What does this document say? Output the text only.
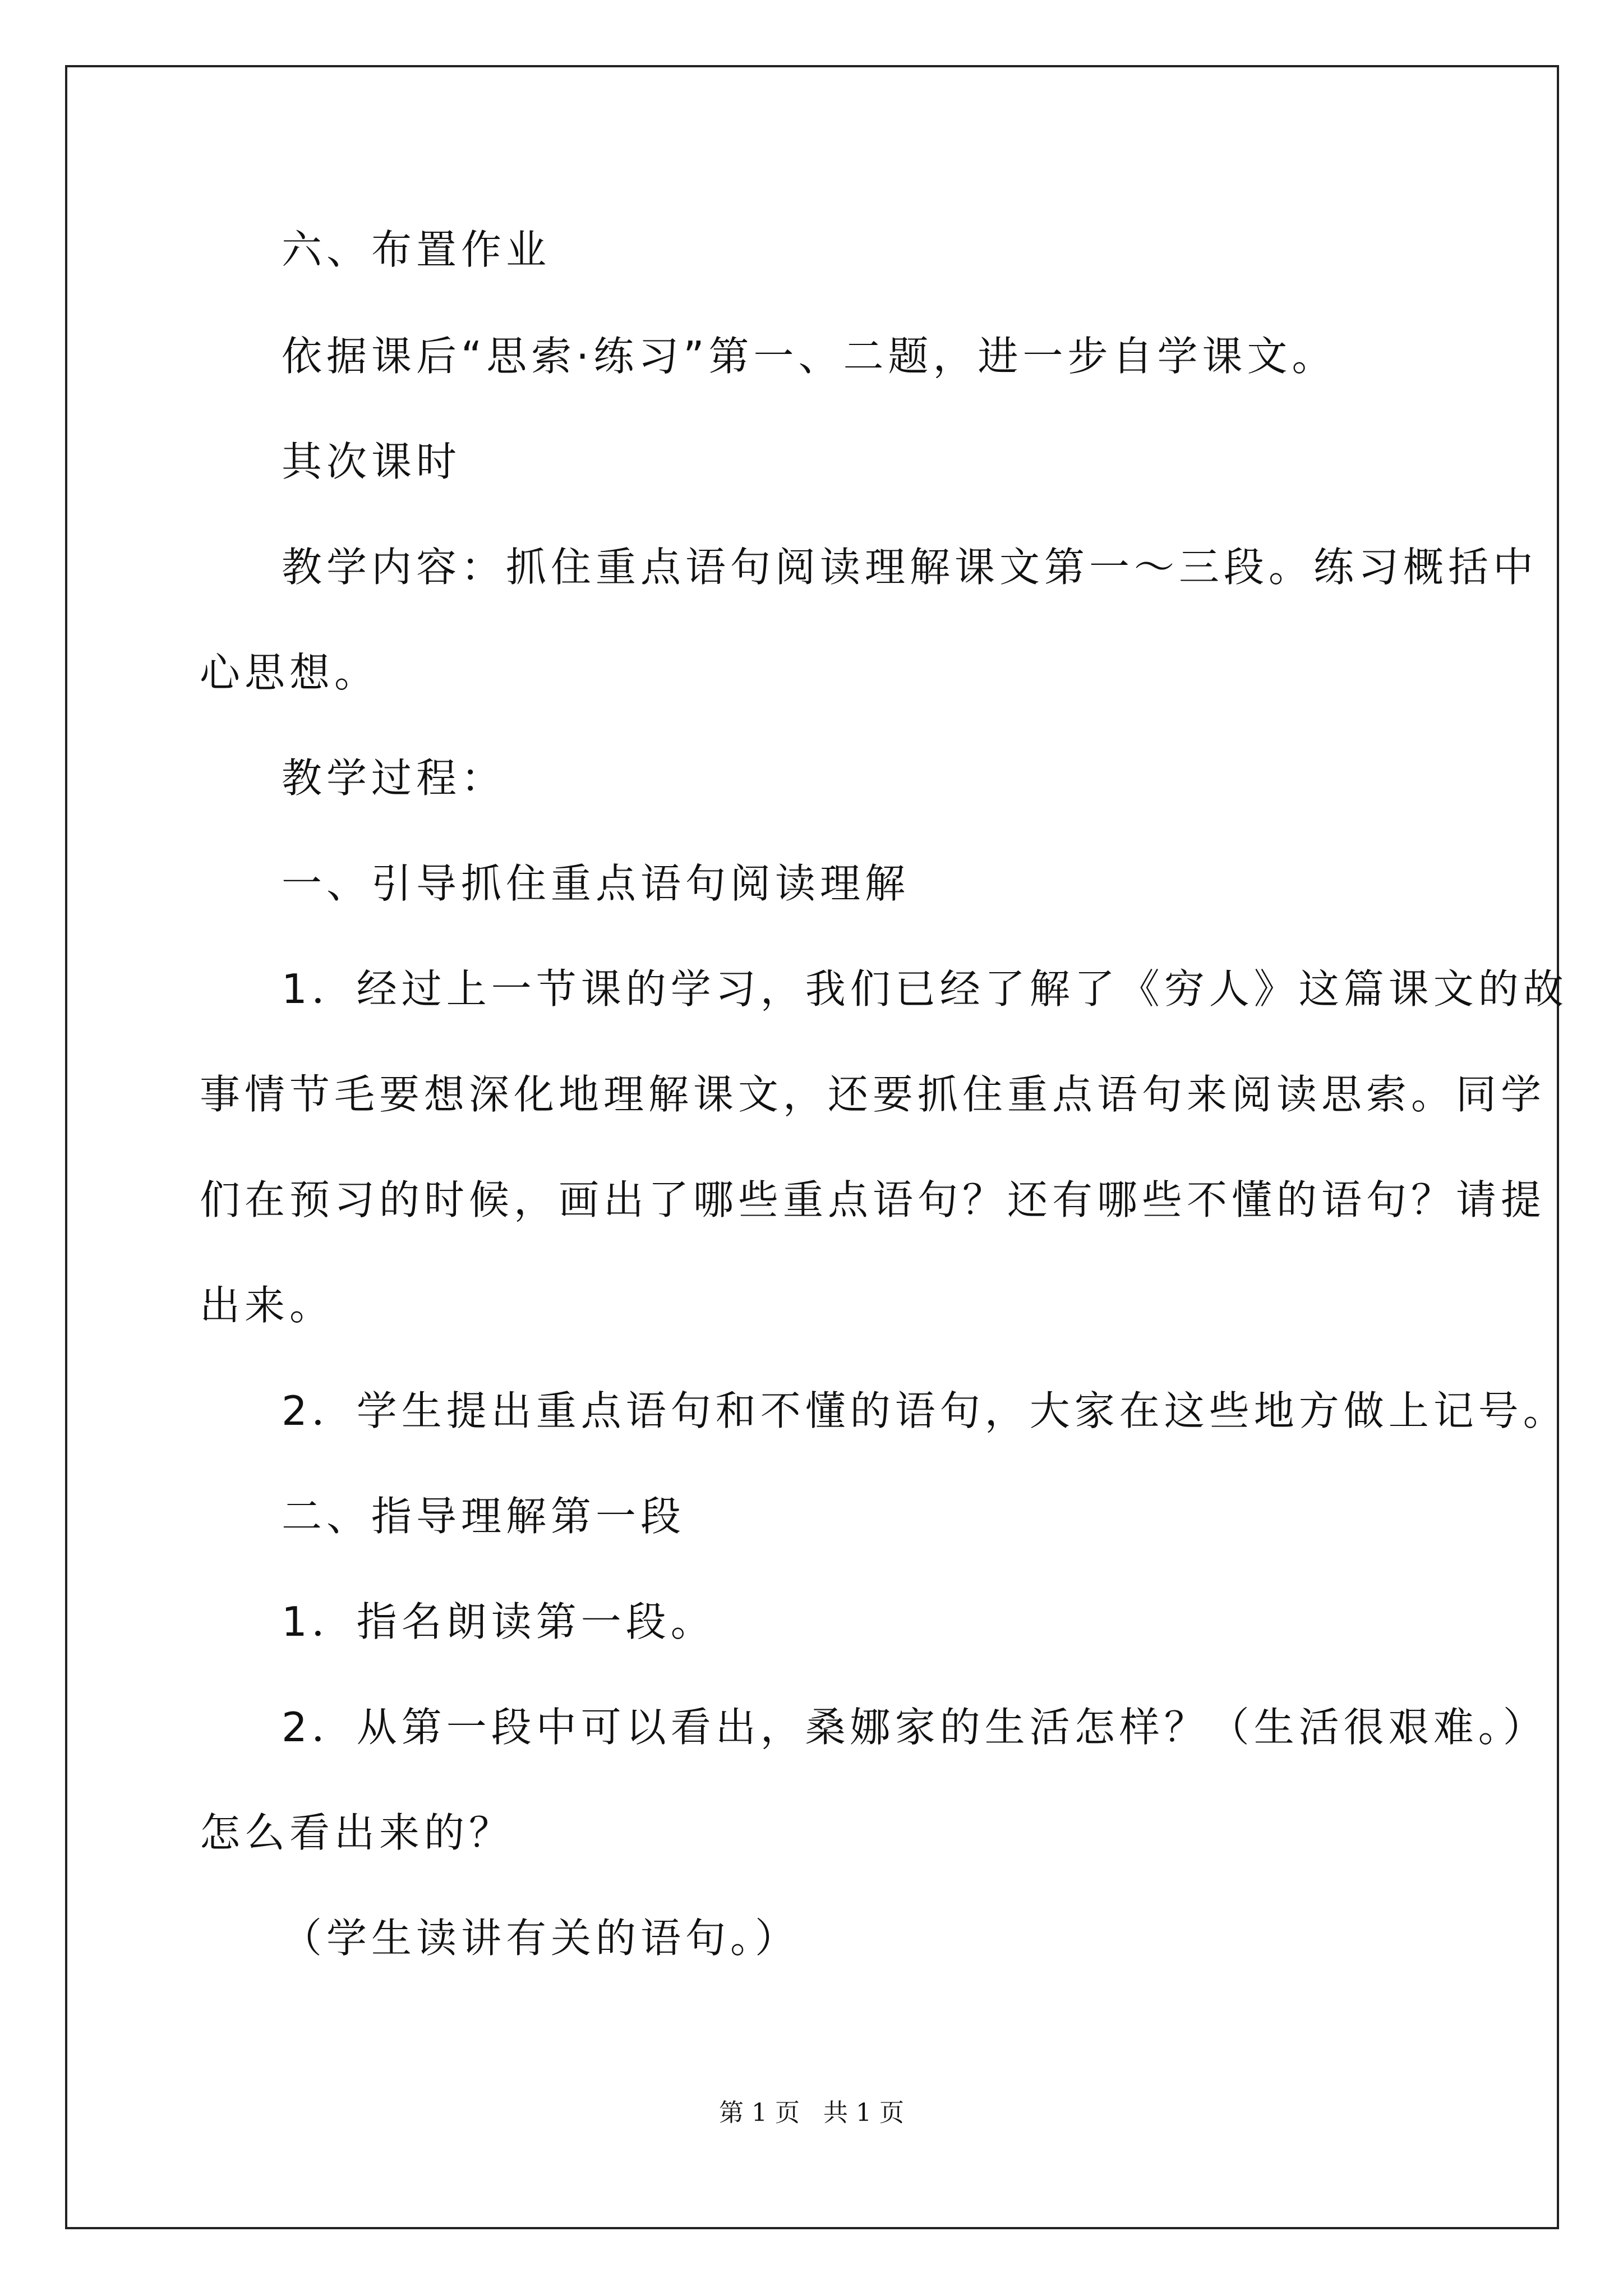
六、布置作业
依据课后“思索·练习”第一、二题，进一步自学课文。
其次课时
教学内容：抓住重点语句阅读理解课文第一～三段。练习概括中
心思想。
教学过程：
一、引导抓住重点语句阅读理解
1．经过上一节课的学习，我们已经了解了《穷人》这篇课文的故
事情节毛要想深化地理解课文，还要抓住重点语句来阅读思索。同学
们在预习的时候，画出了哪些重点语句？还有哪些不懂的语句？请提
出来。
2．学生提出重点语句和不懂的语句，大家在这些地方做上记号。
二、指导理解第一段
1．指名朗读第一段。
2．从第一段中可以看出，桑娜家的生活怎样？（生活很艰难。）
怎么看出来的？
（学生读讲有关的语句。）
第 1 页   共 1 页
